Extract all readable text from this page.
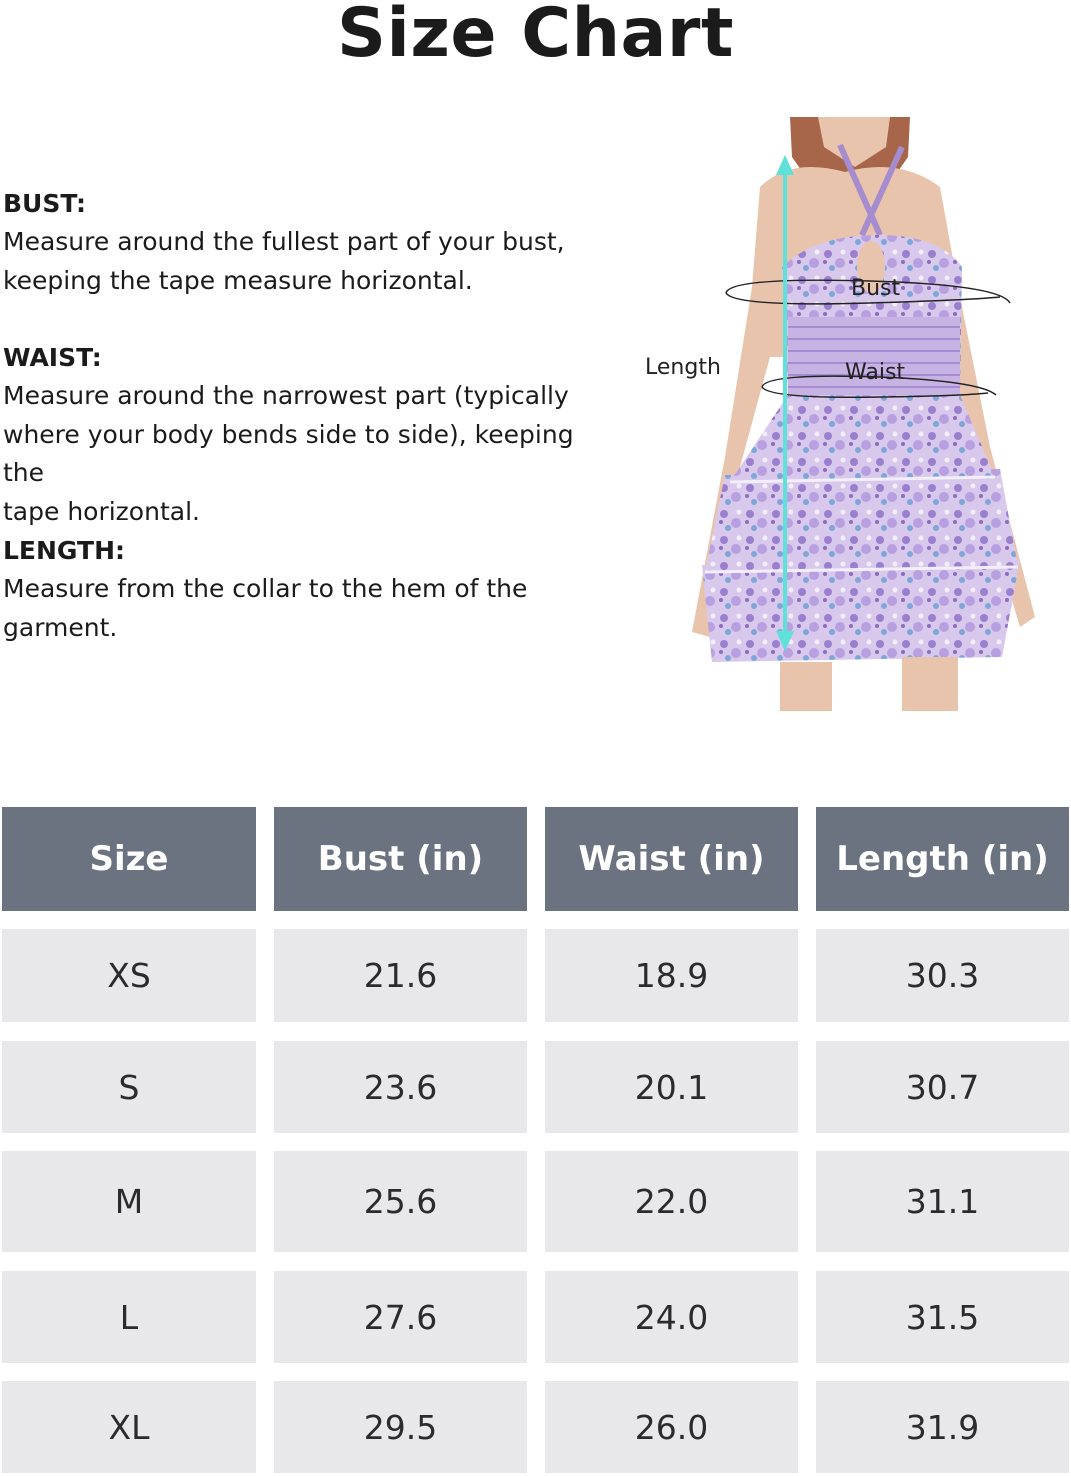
Size Chart
BUST:
Measure around the fullest part of your bust,
keeping the tape measure horizontal.
WAIST:
Measure around the narrowest part (typically
where your body bends side to side), keeping the
tape horizontal.
LENGTH:
Measure from the collar to the hem of the
garment.
Length
Bust
Waist
Size	Bust (in)	Waist (in)	Length (in)
XS	21.6	18.9	30.3
S	23.6	20.1	30.7
M	25.6	22.0	31.1
L	27.6	24.0	31.5
XL	29.5	26.0	31.9
